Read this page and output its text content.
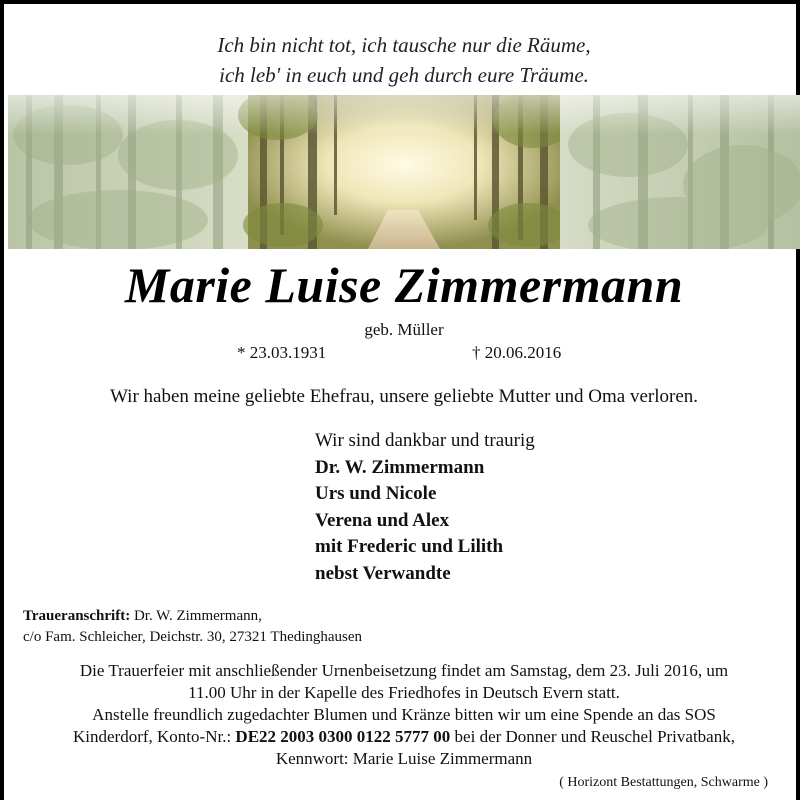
Ich bin nicht tot, ich tausche nur die Räume,
ich leb' in euch und geh durch eure Träume.
Marie Luise Zimmermann
geb. Müller
* 23.03.1931	† 20.06.2016
Wir haben meine geliebte Ehefrau, unsere geliebte Mutter und Oma verloren.
Wir sind dankbar und traurig
Dr. W. Zimmermann
Urs und Nicole
Verena und Alex
mit Frederic und Lilith
nebst Verwandte
Traueranschrift: Dr. W. Zimmermann,
c/o Fam. Schleicher, Deichstr. 30, 27321 Thedinghausen
Die Trauerfeier mit anschließender Urnenbeisetzung findet am Samstag, dem 23. Juli 2016, um
11.00 Uhr in der Kapelle des Friedhofes in Deutsch Evern statt.
Anstelle freundlich zugedachter Blumen und Kränze bitten wir um eine Spende an das SOS
Kinderdorf, Konto-Nr.: DE22 2003 0300 0122 5777 00 bei der Donner und Reuschel Privatbank,
Kennwort: Marie Luise Zimmermann
( Horizont Bestattungen, Schwarme )
